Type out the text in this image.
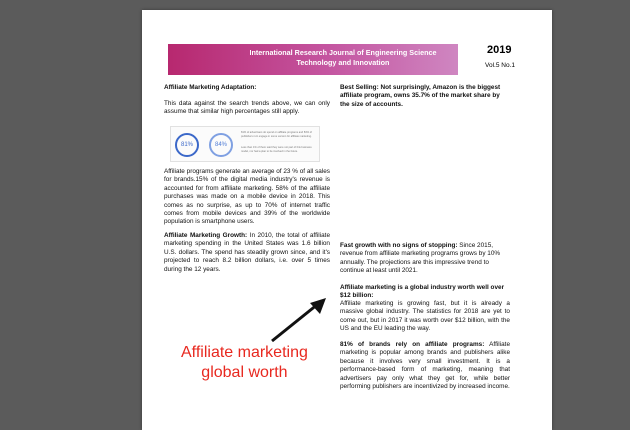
International Research Journal of Engineering Science
Technology and Innovation
2019
Vol.5 No.1
Affiliate Marketing Adaptation:
This data against the search trends above, we can only assume that similar high percentages still apply.
81%	84%
81% of advertisers do spend on affiliate programs and 84% of publishers run/ engage in some version for affiliate marketing.
Less than 1% of them said they were not part of this business model, nor had a plan to be involved in the future.
Affiliate programs generate an average of 23 % of all sales for brands.15% of the digital media industry's revenue is accounted for from affiliate marketing. 58% of the affiliate purchases was made on a mobile device in 2018. This comes as no surprise, as up to 70% of internet traffic comes from mobile devices and 39% of the worldwide population is smartphone users.
Affiliate Marketing Growth: In 2010, the total of affiliate marketing spending in the United States was 1.6 billion U.S. dollars. The spend has steadily grown since, and it's projected to reach 8.2 billion dollars, i.e. over 5 times during the 12 years.
Best Selling: Not surprisingly, Amazon is the biggest affiliate program, owns 35.7% of the market share by the size of accounts.
Fast growth with no signs of stopping: Since 2015, revenue from affiliate marketing programs grows by 10% annually. The projections are this impressive trend to continue at least until 2021.
Affiliate marketing is a global industry worth well over $12 billion:
Affiliate marketing is growing fast, but it is already a massive global industry. The statistics for 2018 are yet to come out, but in 2017 it was worth over $12 billion, with the US and the EU leading the way.
81% of brands rely on affiliate programs: Affiliate marketing is popular among brands and publishers alike because it involves very small investment. It is a performance-based form of marketing, meaning that advertisers pay only what they get for, while better performing publishers are incentivized by increased income.
Affiliate marketing
global worth
